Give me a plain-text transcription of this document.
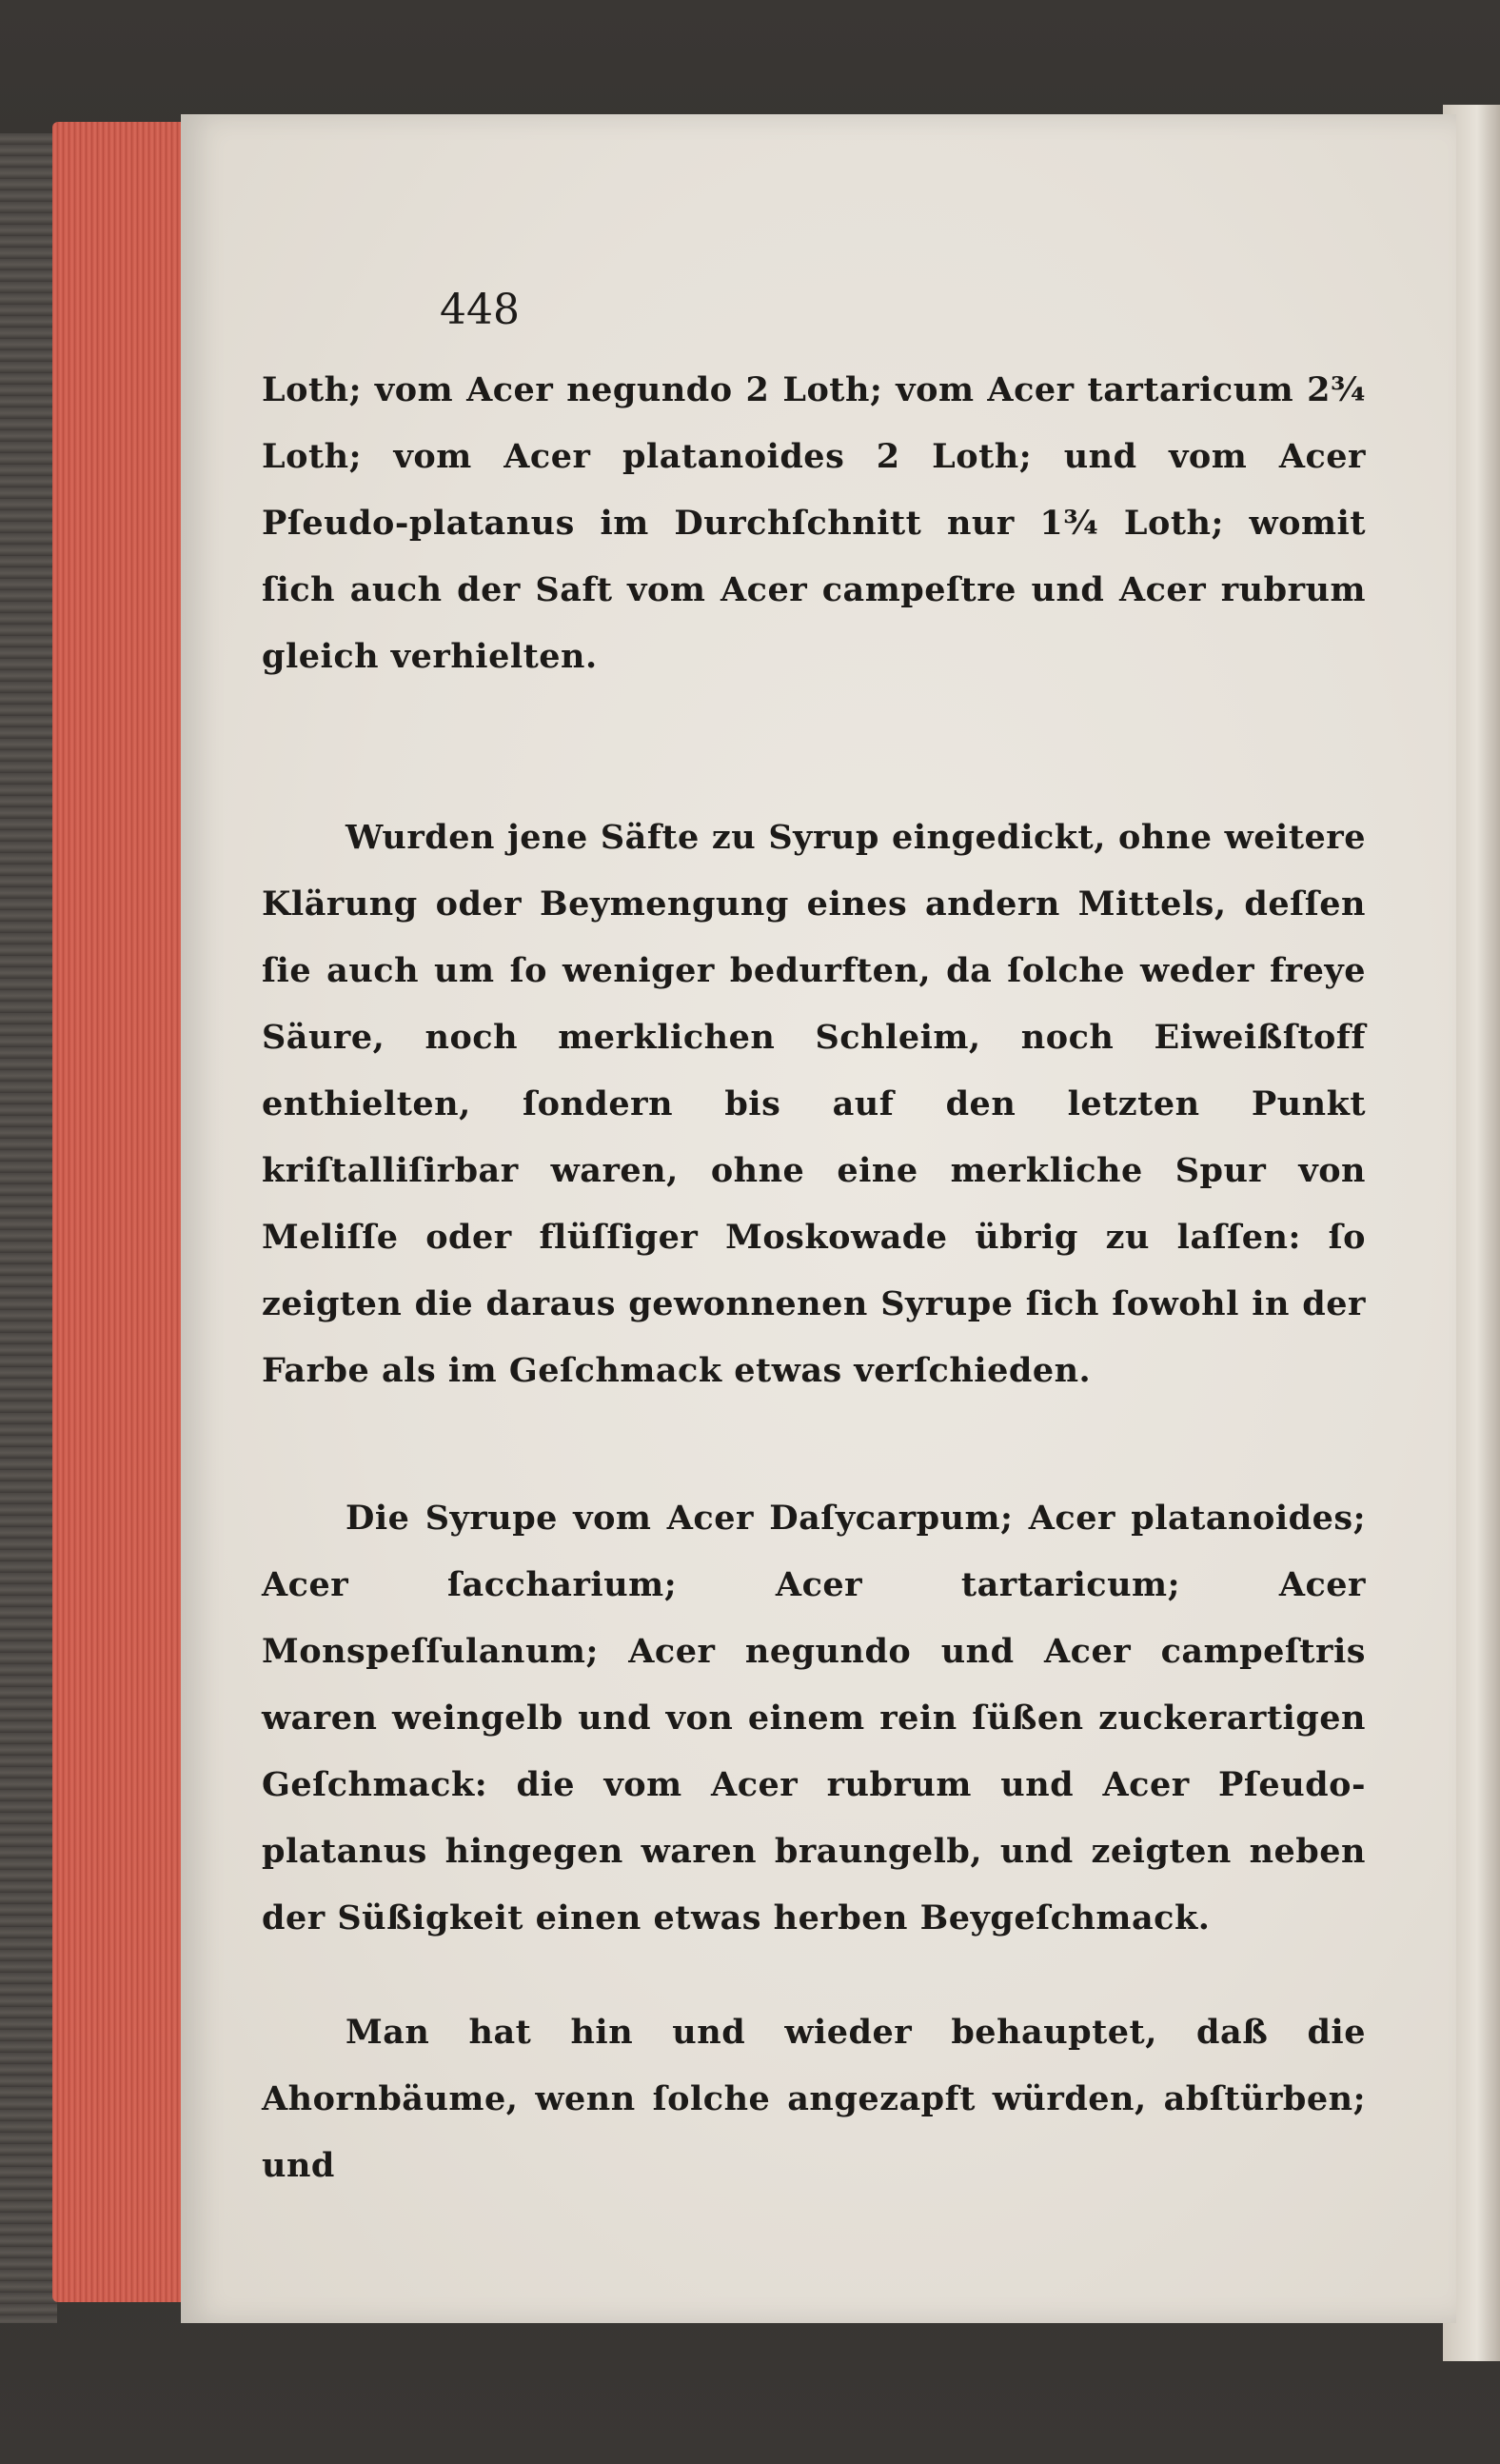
448

Loth; vom Acer negundo 2 Loth; vom Acer tartaricum 2¾ Loth; vom Acer platanoides 2 Loth; und vom Acer Pſeudo-platanus im Durchſchnitt nur 1¾ Loth; womit ſich auch der Saft vom Acer campeſtre und Acer rubrum gleich verhielten.

Wurden jene Säfte zu Syrup eingedickt, ohne weitere Klärung oder Beymengung eines andern Mittels, deſſen ſie auch um ſo weniger bedurften, da ſolche weder freye Säure, noch merklichen Schleim, noch Eiweißſtoff enthielten, ſondern bis auf den letzten Punkt kriſtalliſirbar waren, ohne eine merkliche Spur von Meliſſe oder flüſſiger Moskowade übrig zu laſſen: ſo zeigten die daraus gewonnenen Syrupe ſich ſowohl in der Farbe als im Geſchmack etwas verſchieden.

Die Syrupe vom Acer Daſycarpum; Acer platanoides; Acer ſaccharium; Acer tartaricum; Acer Monspeſſulanum; Acer negundo und Acer campeſtris waren weingelb und von einem rein ſüßen zuckerartigen Geſchmack: die vom Acer rubrum und Acer Pſeudo-platanus hingegen waren braungelb, und zeigten neben der Süßigkeit einen etwas herben Beygeſchmack.

Man hat hin und wieder behauptet, daß die Ahornbäume, wenn ſolche angezapft würden, abſtürben; und
